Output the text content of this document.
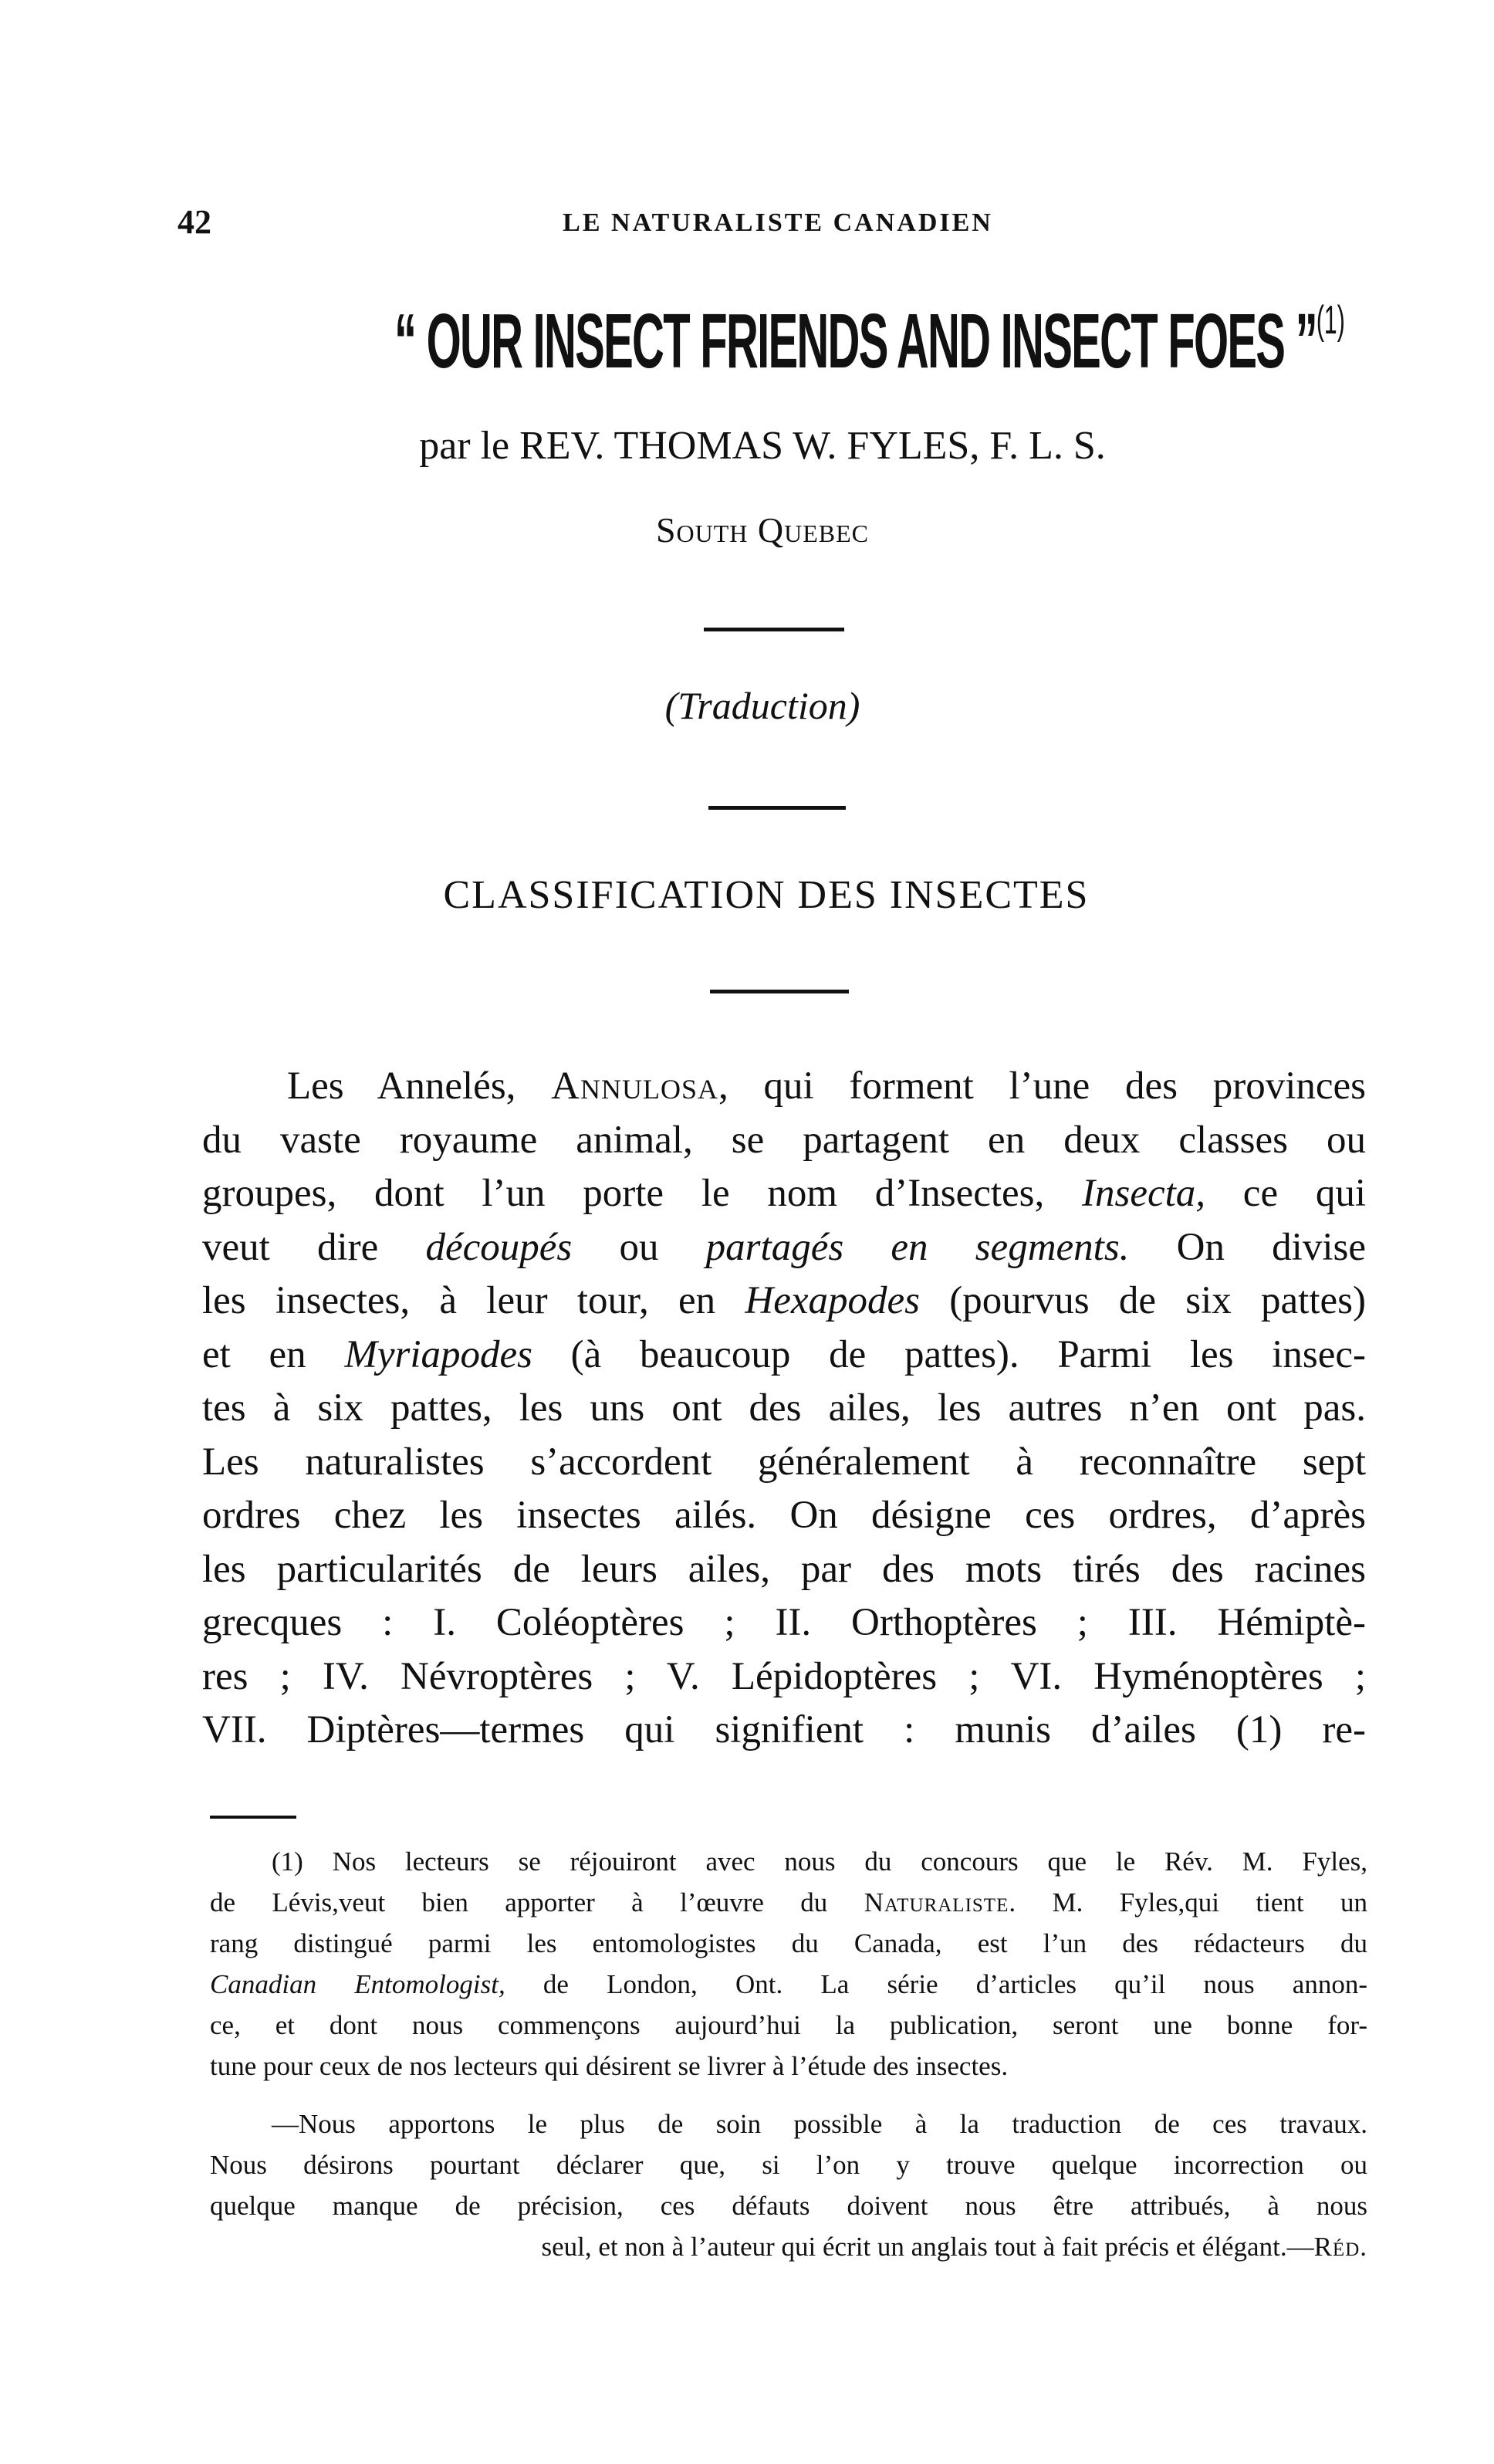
42	LE NATURALISTE CANADIEN
“ OUR INSECT FRIENDS AND INSECT FOES ”$^{(1)}$
par le REV. THOMAS W. FYLES, F. L. S.
South Quebec
(Traduction)
CLASSIFICATION DES INSECTES
Les Annelés, Annulosa, qui forment l’une des provinces
du vaste royaume animal, se partagent en deux classes ou
groupes, dont l’un porte le nom d’Insectes, Insecta, ce qui
veut dire découpés ou partagés en segments. On divise
les insectes, à leur tour, en Hexapodes (pourvus de six pattes)
et en Myriapodes (à beaucoup de pattes). Parmi les insec-
tes à six pattes, les uns ont des ailes, les autres n’en ont pas.
Les naturalistes s’accordent généralement à reconnaître sept
ordres chez les insectes ailés. On désigne ces ordres, d’après
les particularités de leurs ailes, par des mots tirés des racines
grecques : I. Coléoptères ; II. Orthoptères ; III. Hémiptè-
res ; IV. Névroptères ; V. Lépidoptères ; VI. Hyménoptères ;
VII. Diptères—termes qui signifient : munis d’ailes (1) re-
(1) Nos lecteurs se réjouiront avec nous du concours que le Rév. M. Fyles,
de Lévis,veut bien apporter à l’œuvre du Naturaliste. M. Fyles,qui tient un
rang distingué parmi les entomologistes du Canada, est l’un des rédacteurs du
Canadian Entomologist, de London, Ont. La série d’articles qu’il nous annon-
ce, et dont nous commençons aujourd’hui la publication, seront une bonne for-
tune pour ceux de nos lecteurs qui désirent se livrer à l’étude des insectes.
—Nous apportons le plus de soin possible à la traduction de ces travaux.
Nous désirons pourtant déclarer que, si l’on y trouve quelque incorrection ou
quelque manque de précision, ces défauts doivent nous être attribués, à nous
seul, et non à l’auteur qui écrit un anglais tout à fait précis et élégant.—Réd.
